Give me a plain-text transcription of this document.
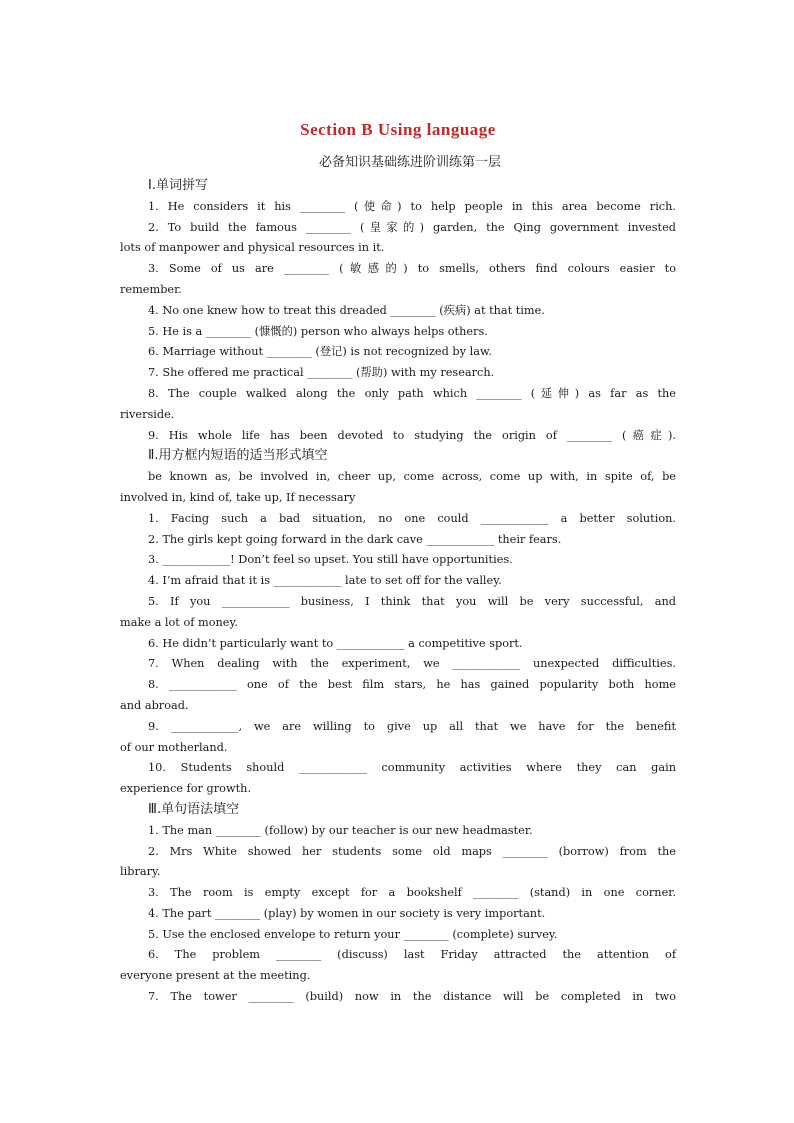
Section B Using language
必备知识基础练进阶训练第一层
Ⅰ.单词拼写
1. He considers it his ________ (使命) to help people in this area become rich.
2. To build the famous ________ (皇家的) garden, the Qing government invested
lots of manpower and physical resources in it.
3. Some of us are ________ (敏感的) to smells, others find colours easier to
remember.
4. No one knew how to treat this dreaded ________ (疾病) at that time.
5. He is a ________ (慷慨的) person who always helps others.
6. Marriage without ________ (登记) is not recognized by law.
7. She offered me practical ________ (帮助) with my research.
8. The couple walked along the only path which ________ (延伸) as far as the
riverside.
9. His whole life has been devoted to studying the origin of ________ (癌症).
Ⅱ.用方框内短语的适当形式填空
be known as, be involved in, cheer up, come across, come up with, in spite of, be
involved in, kind of, take up, If necessary
1. Facing such a bad situation, no one could ____________ a better solution.
2. The girls kept going forward in the dark cave ____________ their fears.
3. ____________! Don’t feel so upset. You still have opportunities.
4. I’m afraid that it is ____________ late to set off for the valley.
5. If you ____________ business, I think that you will be very successful, and
make a lot of money.
6. He didn’t particularly want to ____________ a competitive sport.
7. When dealing with the experiment, we ____________ unexpected difficulties.
8. ____________ one of the best film stars, he has gained popularity both home
and abroad.
9. ____________, we are willing to give up all that we have for the benefit
of our motherland.
10. Students should ____________ community activities where they can gain
experience for growth.
Ⅲ.单句语法填空
1. The man ________ (follow) by our teacher is our new headmaster.
2. Mrs White showed her students some old maps ________ (borrow) from the
library.
3. The room is empty except for a bookshelf ________ (stand) in one corner.
4. The part ________ (play) by women in our society is very important.
5. Use the enclosed envelope to return your ________ (complete) survey.
6. The problem ________ (discuss) last Friday attracted the attention of
everyone present at the meeting.
7. The tower ________ (build) now in the distance will be completed in two
